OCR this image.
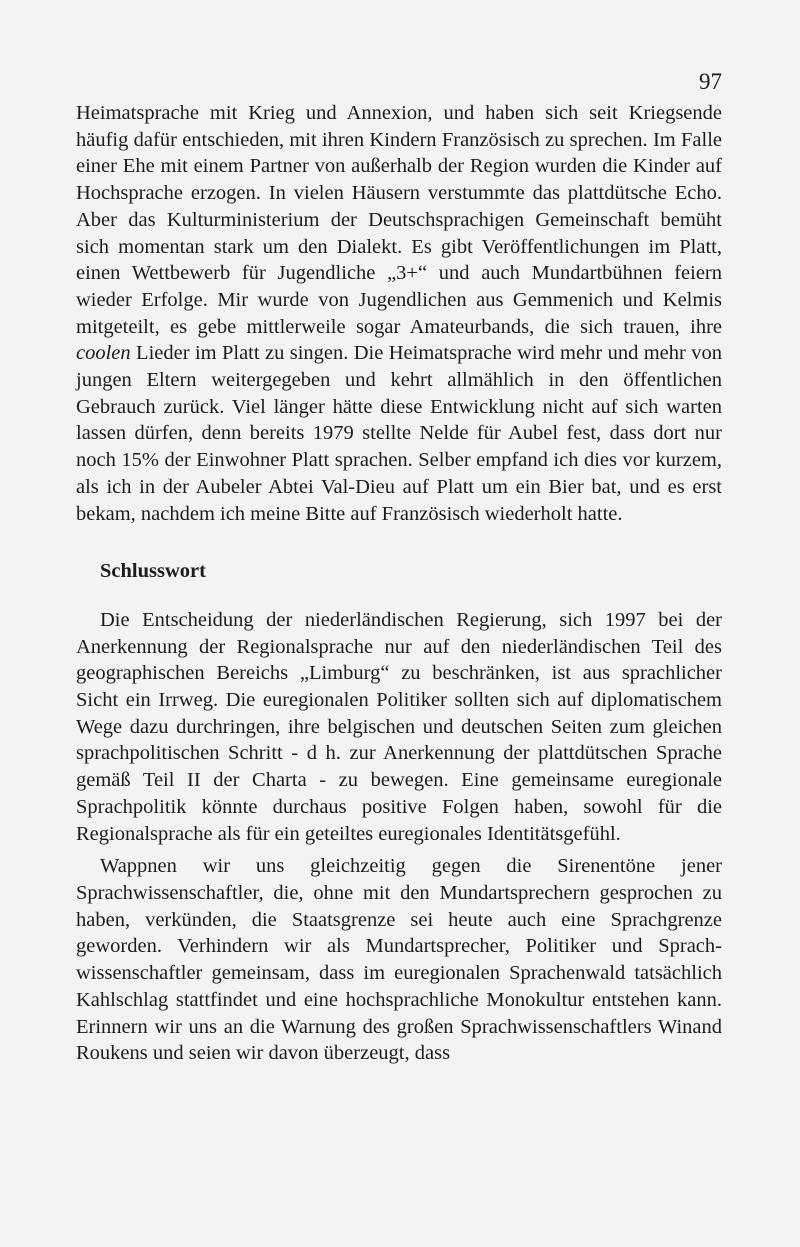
97

Heimatsprache mit Krieg und Annexion, und haben sich seit Kriegsende häufig dafür entschieden, mit ihren Kindern Französisch zu sprechen. Im Falle einer Ehe mit einem Partner von außerhalb der Region wurden die Kinder auf Hochsprache erzogen. In vielen Häusern verstummte das plattdütsche Echo. Aber das Kulturministerium der Deutschsprachigen Gemeinschaft bemüht sich momentan stark um den Dialekt. Es gibt Veröffentlichungen im Platt, einen Wettbewerb für Jugendliche „3+“ und auch Mundartbühnen feiern wieder Erfolge. Mir wurde von Jugendlichen aus Gemmenich und Kelmis mitgeteilt, es gebe mittlerweile sogar Amateurbands, die sich trauen, ihre coolen Lieder im Platt zu singen. Die Heimatsprache wird mehr und mehr von jungen Eltern weitergegeben und kehrt allmählich in den öffentlichen Gebrauch zurück. Viel länger hätte diese Entwicklung nicht auf sich warten lassen dürfen, denn bereits 1979 stellte Nelde für Aubel fest, dass dort nur noch 15% der Einwohner Platt sprachen. Selber empfand ich dies vor kurzem, als ich in der Aubeler Abtei Val-Dieu auf Platt um ein Bier bat, und es erst bekam, nachdem ich meine Bitte auf Französisch wiederholt hatte.

Schlusswort

Die Entscheidung der niederländischen Regierung, sich 1997 bei der Anerkennung der Regionalsprache nur auf den niederländischen Teil des geographischen Bereichs „Limburg“ zu beschränken, ist aus sprachlicher Sicht ein Irrweg. Die euregionalen Politiker sollten sich auf diplomatischem Wege dazu durchringen, ihre belgischen und deutschen Seiten zum gleichen sprachpolitischen Schritt - d h. zur Anerkennung der plattdütschen Sprache gemäß Teil II der Charta - zu bewegen. Eine gemeinsame euregionale Sprachpolitik könnte durchaus positive Folgen haben, sowohl für die Regionalsprache als für ein geteiltes euregionales Identitätsgefühl.

Wappnen wir uns gleichzeitig gegen die Sirenentöne jener Sprachwissenschaftler, die, ohne mit den Mundartsprechern gesprochen zu haben, verkünden, die Staatsgrenze sei heute auch eine Sprachgrenze geworden. Verhindern wir als Mundartsprecher, Politiker und Sprachwissenschaftler gemeinsam, dass im euregionalen Sprachenwald tatsächlich Kahlschlag stattfindet und eine hochsprachliche Monokultur entstehen kann. Erinnern wir uns an die Warnung des großen Sprachwissenschaftlers Winand Roukens und seien wir davon überzeugt, dass
